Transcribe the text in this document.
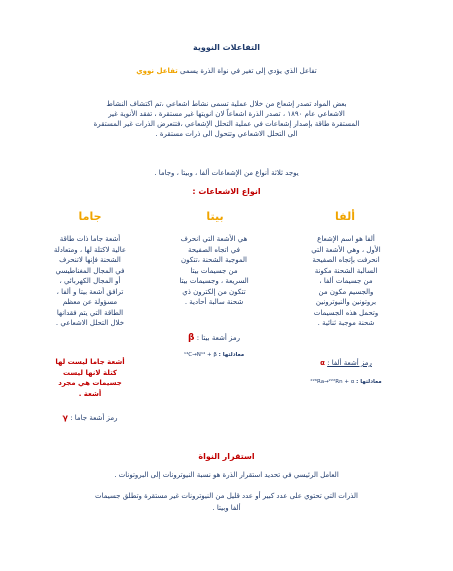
التفاعلات النووية
تفاعل الذي يؤدي إلى تغير في نواة الذرة يسمى تفاعل نووي
بعض المواد تصدر إشعاع من خلال عملية تسمى نشاط اشعاعي ،تم اكتشاف النشاط
الاشعاعي عام ١٨٩٠ ، تصدر الذرة اشعاعاً لان انويتها غير مستقرة ، تفقد الأنوية غير
المستقرة طاقة بإصدار إشعاعات في عملية التحلل الإشعاعي ،فتتعرض الذرات غير المستقرة
الى التحلل الاشعاعي وتتحول الى ذرات مستقرة .
يوجد ثلاثة أنواع من الإشعاعات ألفا ، وبيتا ، وجاما .
انواع الاشعاعات :
ألفا
ألفا هو اسم الإشعاع
الأول ، وهي الأشعة التي
انحرفت بإتجاه الصفيحة
السالبة الشحنة مكونة
من جسيمات ألفا ،
والجسيم مكون من
بروتونين والنيوترونين
وتحمل هذه الجسيمات
شحنة موجبة ثنائية .
رمز أشعة ألفا : α
معادلتها : ²²⁶Ra→²²²Rn + α
بيتا
هي الأشعة التي انحرف
في اتجاه الصفيحة
الموجبة الشحنة ،تتكون
من جسيمات بيتا
السريعة ، وجسيمات بيتا
تتكون من إلكترون ذي
شحنة سالبة أحادية .
رمز أشعة بيتا : β
معادلتها : ¹⁴C→N¹⁴ + β
جاما
أشعة جاما ذات طاقة
عالية لاكتلة لها ، ومتعادلة
الشحنة فإنها لاتنحرف
في المجال المغناطيسي
أو المجال الكهربائي ،
ترافق أشعة بيتا و ألفا ،
مسؤولة عن معظم
الطاقة التي يتم فقدانها
خلال التحلل الاشعاعي .
أشعة جاما ليست لها
كتلة لانها ليست
جسيمات هي مجرد
أشعة .
رمز أشعة جاما : γ
استقرار النواة
العامل الرئيسي في تحديد استقرار الذرة هو نسبة النيوترونات إلى البروتونات .
الذرات التي تحتوي على عدد كبير أو عدد قليل من النيوترونات غير مستقرة وتطلق جسيمات
ألفا وبيتا .
